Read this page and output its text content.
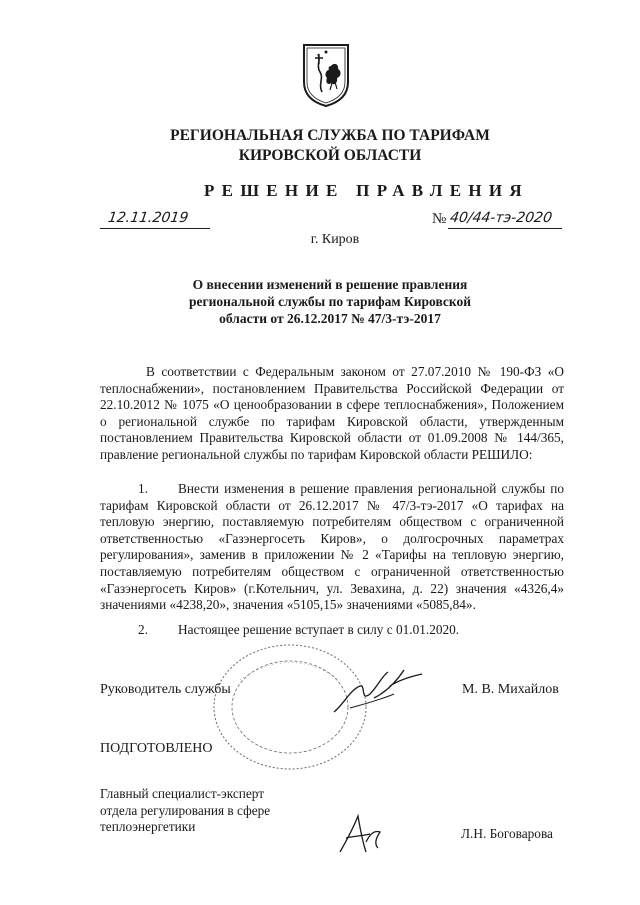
РЕГИОНАЛЬНАЯ СЛУЖБА ПО ТАРИФАМ
КИРОВСКОЙ ОБЛАСТИ
РЕШЕНИЕ ПРАВЛЕНИЯ
12.11.2019	№ 40/44-тэ-2020
г. Киров
О внесении изменений в решение правления
региональной службы по тарифам Кировской
области от 26.12.2017 № 47/3-тэ-2017
В соответствии с Федеральным законом от 27.07.2010 № 190-ФЗ «О теплоснабжении», постановлением Правительства Российской Федерации от 22.10.2012 № 1075 «О ценообразовании в сфере теплоснабжения», Положением о региональной службе по тарифам Кировской области, утвержденным постановлением Правительства Кировской области от 01.09.2008 № 144/365, правление региональной службы по тарифам Кировской области РЕШИЛО:
1. Внести изменения в решение правления региональной службы по тарифам Кировской области от 26.12.2017 № 47/3-тэ-2017 «О тарифах на тепловую энергию, поставляемую потребителям обществом с ограниченной ответственностью «Газэнергосеть Киров», о долгосрочных параметрах регулирования», заменив в приложении № 2 «Тарифы на тепловую энергию, поставляемую потребителям обществом с ограниченной ответственностью «Газэнергосеть Киров» (г.Котельнич, ул. Зевахина, д. 22) значения «4326,4» значениями «4238,20», значения «5105,15» значениями «5085,84».
2. Настоящее решение вступает в силу с 01.01.2020.
Руководитель службы	М. В. Михайлов
ПОДГОТОВЛЕНО
Главный специалист-эксперт
отдела регулирования в сфере
теплоэнергетики	Л.Н. Боговарова
